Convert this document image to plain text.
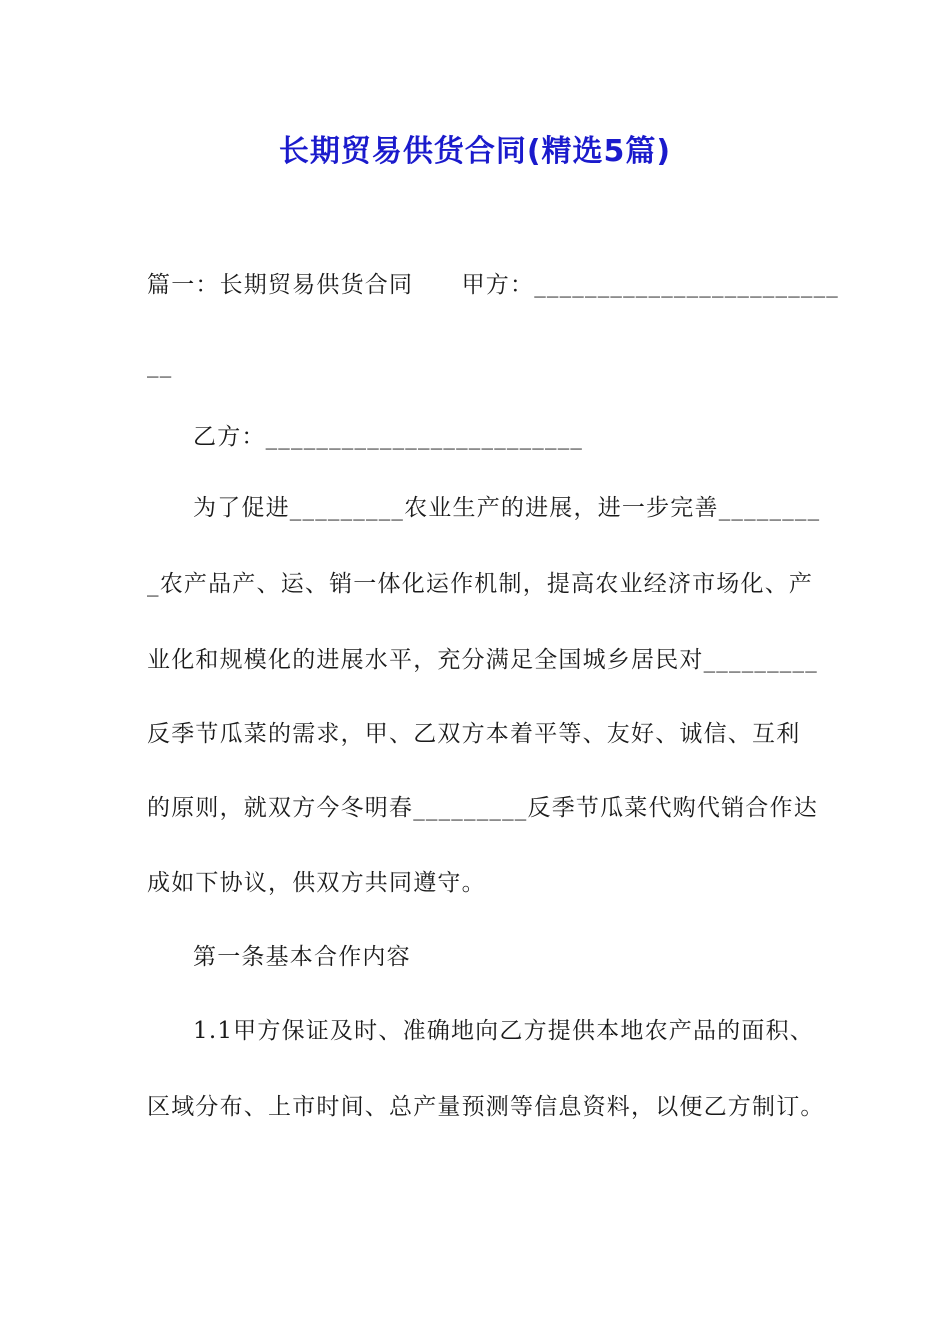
长期贸易供货合同(精选5篇)
篇一：长期贸易供货合同　　甲方：________________________
__
乙方：_________________________
为了促进_________农业生产的进展，进一步完善________
_农产品产、运、销一体化运作机制，提高农业经济市场化、产
业化和规模化的进展水平，充分满足全国城乡居民对_________
反季节瓜菜的需求，甲、乙双方本着平等、友好、诚信、互利
的原则，就双方今冬明春_________反季节瓜菜代购代销合作达
成如下协议，供双方共同遵守。
第一条基本合作内容
1.1甲方保证及时、准确地向乙方提供本地农产品的面积、
区域分布、上市时间、总产量预测等信息资料，以便乙方制订。
